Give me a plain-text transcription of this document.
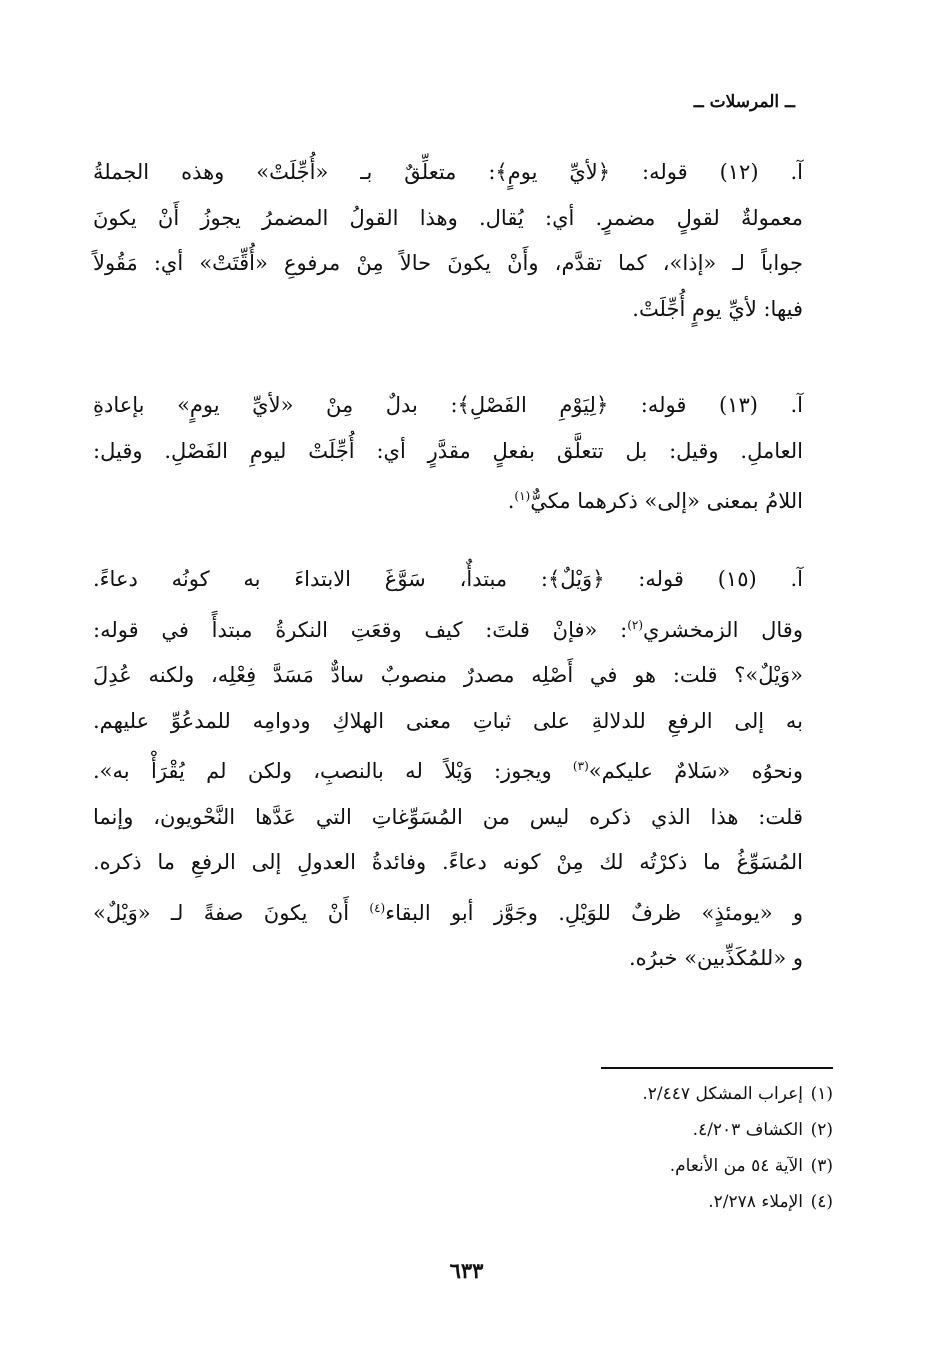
ــ المرسلات ــ
آ. (١٢) قوله: ﴿لأيِّ يومٍ﴾: متعلِّقٌ بـ «أُجِّلَتْ» وهذه الجملةُ
معمولةٌ لقولٍ مضمرٍ. أي: يُقال. وهذا القولُ المضمرُ يجوزُ أَنْ يكونَ
جواباً لـ «إذا»، كما تقدَّم، وأَنْ يكونَ حالاً مِنْ مرفوعِ «أُقِّتَتْ» أي: مَقُولاً
فيها: لأيِّ يومٍ أُجِّلَتْ.
آ. (١٣) قوله: ﴿لِيَوْمِ الفَصْلِ﴾: بدلٌ مِنْ «لأيِّ يومٍ» بإعادةِ
العاملِ. وقيل: بل تتعلَّق بفعلٍ مقدَّرٍ أي: أُجِّلَتْ ليومِ الفَصْلِ. وقيل:
اللامُ بمعنى «إلى» ذكرهما مكيٌّ$^{(١)}$.
آ. (١٥) قوله: ﴿وَيْلٌ﴾: مبتدأٌ، سَوَّغَ الابتداءَ به كونُه دعاءً.
وقال الزمخشري$^{(٢)}$: «فإنْ قلتَ: كيف وقعَتِ النكرةُ مبتدأً في قوله:
«وَيْلٌ»؟ قلت: هو في أَصْلِه مصدرٌ منصوبٌ سادٌّ مَسَدَّ فِعْلِه، ولكنه عُدِلَ
به إلى الرفعِ للدلالةِ على ثباتِ معنى الهلاكِ ودوامِه للمدعُوِّ عليهم.
ونحوُه «سَلامٌ عليكم»$^{(٣)}$ ويجوز: وَيْلاً له بالنصبِ، ولكن لم يُقْرَأْ به».
قلت: هذا الذي ذكره ليس من المُسَوِّغاتِ التي عَدَّها النَّحْويون، وإنما
المُسَوِّغُ ما ذكرْتُه لك مِنْ كونه دعاءً. وفائدةُ العدولِ إلى الرفعِ ما ذكره.
و «يومئذٍ» ظرفٌ للوَيْلِ. وجَوَّز أبو البقاء$^{(٤)}$ أَنْ يكونَ صفةً لـ «وَيْلٌ»
و «للمُكَذِّبين» خبرُه.
(١)إعراب المشكل ٢/٤٤٧.
(٢)الكشاف ٤/٢٠٣.
(٣)الآية ٥٤ من الأنعام.
(٤)الإملاء ٢/٢٧٨.
٦٣٣
